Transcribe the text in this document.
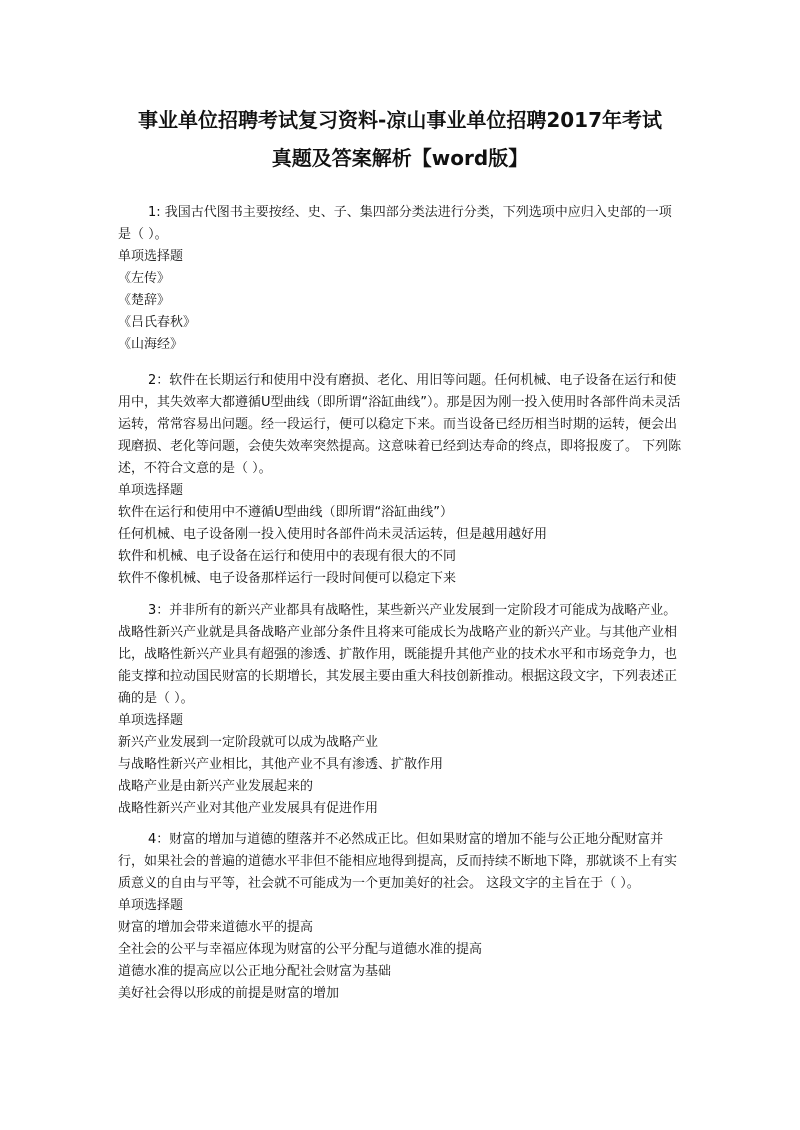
事业单位招聘考试复习资料-凉山事业单位招聘2017年考试
真题及答案解析【word版】

1: 我国古代图书主要按经、史、子、集四部分类法进行分类，下列选项中应归入史部的一项是（ ）。

单项选择题

《左传》

《楚辞》

《吕氏春秋》

《山海经》

2：软件在长期运行和使用中没有磨损、老化、用旧等问题。任何机械、电子设备在运行和使用中，其失效率大都遵循U型曲线（即所谓“浴缸曲线”）。那是因为刚一投入使用时各部件尚未灵活运转，常常容易出问题。经一段运行，便可以稳定下来。而当设备已经历相当时期的运转，便会出现磨损、老化等问题，会使失效率突然提高。这意味着已经到达寿命的终点，即将报废了。 下列陈述，不符合文意的是（ ）。

单项选择题

软件在运行和使用中不遵循U型曲线（即所谓“浴缸曲线”）

任何机械、电子设备刚一投入使用时各部件尚未灵活运转，但是越用越好用

软件和机械、电子设备在运行和使用中的表现有很大的不同

软件不像机械、电子设备那样运行一段时间便可以稳定下来

3：并非所有的新兴产业都具有战略性，某些新兴产业发展到一定阶段才可能成为战略产业。战略性新兴产业就是具备战略产业部分条件且将来可能成长为战略产业的新兴产业。与其他产业相比，战略性新兴产业具有超强的渗透、扩散作用，既能提升其他产业的技术水平和市场竞争力，也能支撑和拉动国民财富的长期增长，其发展主要由重大科技创新推动。根据这段文字，下列表述正确的是（ ）。

单项选择题

新兴产业发展到一定阶段就可以成为战略产业

与战略性新兴产业相比，其他产业不具有渗透、扩散作用

战略产业是由新兴产业发展起来的

战略性新兴产业对其他产业发展具有促进作用

4：财富的增加与道德的堕落并不必然成正比。但如果财富的增加不能与公正地分配财富并行，如果社会的普遍的道德水平非但不能相应地得到提高，反而持续不断地下降，那就谈不上有实质意义的自由与平等，社会就不可能成为一个更加美好的社会。 这段文字的主旨在于（ ）。

单项选择题

财富的增加会带来道德水平的提高

全社会的公平与幸福应体现为财富的公平分配与道德水准的提高

道德水准的提高应以公正地分配社会财富为基础

美好社会得以形成的前提是财富的增加
